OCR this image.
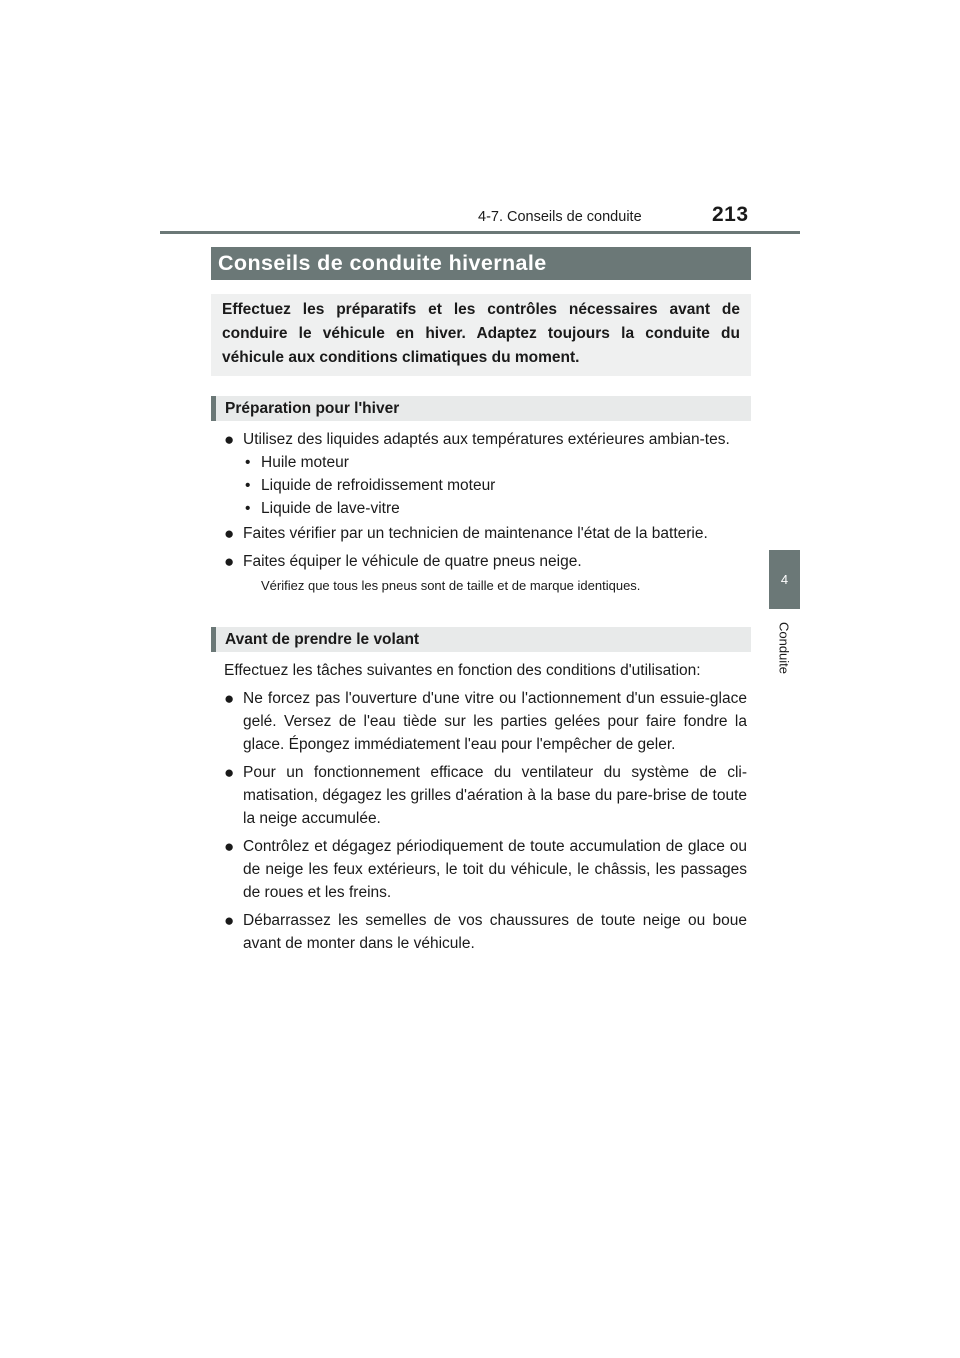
4-7. Conseils de conduite	213
4
Conduite
Conseils de conduite hivernale
Effectuez les préparatifs et les contrôles nécessaires avant de conduire le véhicule en hiver. Adaptez toujours la conduite du véhicule aux conditions climatiques du moment.
Préparation pour l'hiver
● Utilisez des liquides adaptés aux températures extérieures ambian-tes.
• Huile moteur
• Liquide de refroidissement moteur
• Liquide de lave-vitre
● Faites vérifier par un technicien de maintenance l'état de la batterie.
● Faites équiper le véhicule de quatre pneus neige.
Vérifiez que tous les pneus sont de taille et de marque identiques.
Avant de prendre le volant
Effectuez les tâches suivantes en fonction des conditions d'utilisation:
● Ne forcez pas l'ouverture d'une vitre ou l'actionnement d'un essuie-glace gelé. Versez de l'eau tiède sur les parties gelées pour faire fondre la glace. Épongez immédiatement l'eau pour l'empêcher de geler.
● Pour un fonctionnement efficace du ventilateur du système de cli-matisation, dégagez les grilles d'aération à la base du pare-brise de toute la neige accumulée.
● Contrôlez et dégagez périodiquement de toute accumulation de glace ou de neige les feux extérieurs, le toit du véhicule, le châssis, les passages de roues et les freins.
● Débarrassez les semelles de vos chaussures de toute neige ou boue avant de monter dans le véhicule.
